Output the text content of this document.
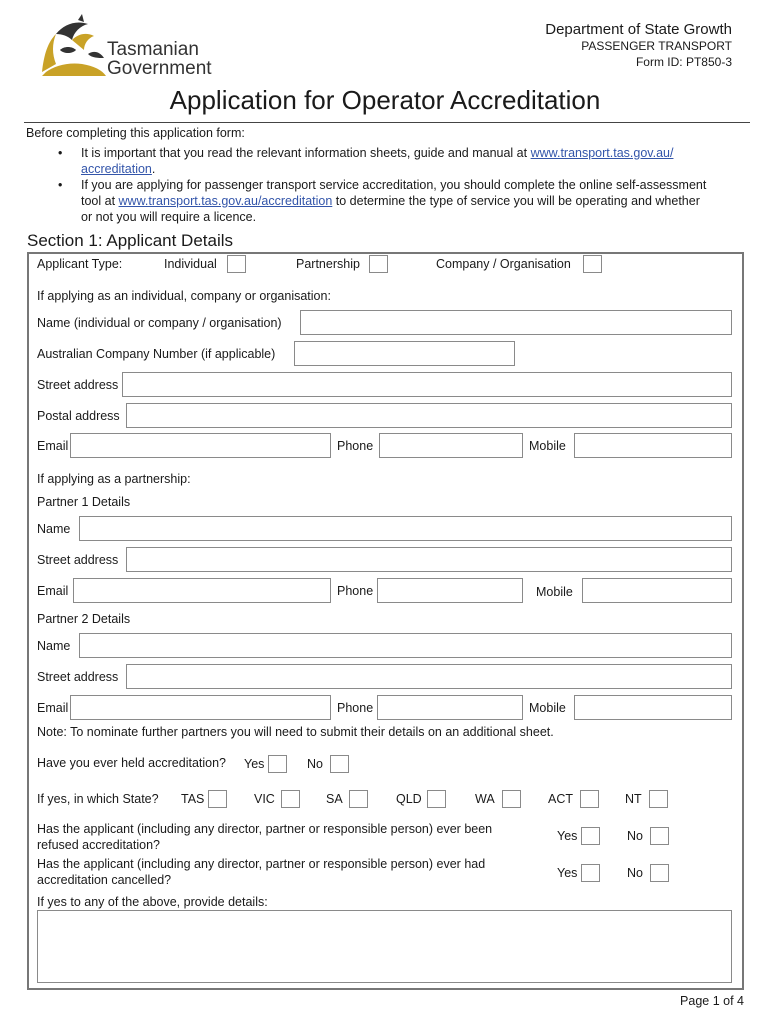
Tasmanian
Government
Department of State Growth
PASSENGER TRANSPORT
Form ID: PT850-3
Application for Operator Accreditation
Before completing this application form:
• It is important that you read the relevant information sheets, guide and manual at www.transport.tas.gov.au/
accreditation.
• If you are applying for passenger transport service accreditation, you should complete the online self-assessment
tool at www.transport.tas.gov.au/accreditation to determine the type of service you will be operating and whether
or not you will require a licence.
Section 1: Applicant Details
Applicant Type:	Individual	Partnership	Company / Organisation
If applying as an individual, company or organisation:
Name (individual or company / organisation)
Australian Company Number (if applicable)
Street address
Postal address
Email	Phone	Mobile
If applying as a partnership:
Partner 1 Details
Name
Street address
Email	Phone	Mobile
Partner 2 Details
Name
Street address
Email	Phone	Mobile
Note: To nominate further partners you will need to submit their details on an additional sheet.
Have you ever held accreditation? Yes	No
If yes, in which State? TAS	VIC	SA	QLD	WA	ACT	NT
Has the applicant (including any director, partner or responsible person) ever been
refused accreditation?
Yes	No
Has the applicant (including any director, partner or responsible person) ever had
accreditation cancelled?	Yes	No
If yes to any of the above, provide details:
Page 1 of 4
